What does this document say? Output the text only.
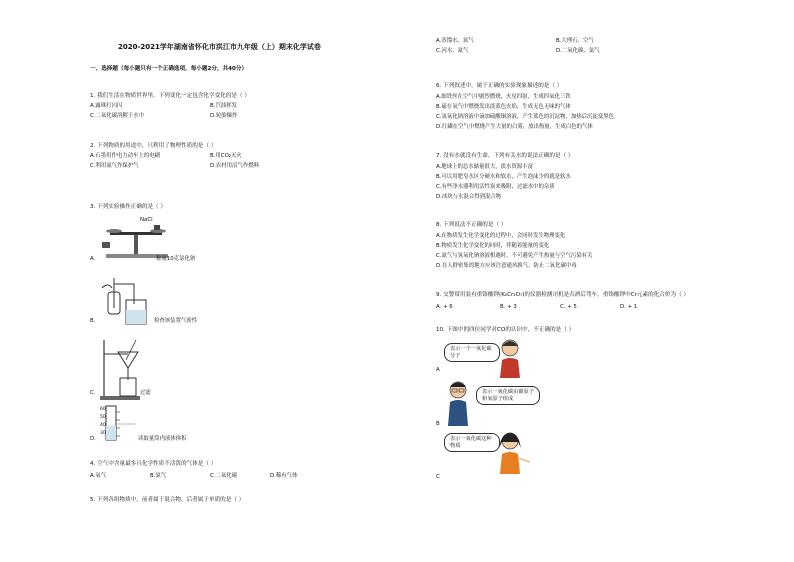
2020-2021学年湖南省怀化市洪江市九年级（上）期末化学试卷
一、选择题（每小题只有一个正确选项，每小题2分，共40分）
1. 我们生活在物质世界里，下列变化一定包含化学变化的是（ ）
A.露珠打闪闪	B.汽油挥发
C.二氧化碳溶解于水中	D.轮胎爆炸
2. 下列物质的用途中，只利用了物理性质的是（ ）
A.石墨用作电力动车上的电刷	B.用CO₂灭火
C.利用氮气作保护气	D.农村用沼气作燃料
3. 下列实验操作正确的是（ ）
NaCl
A.	称量10克氯化钠
B.	检查该装置气密性
C.	过滤
60
50
40
30
D.	读取量筒内液体体积
4. 空气中含量最多且化学性质不活泼的气体是（ ）
A.氧气	B.氮气	C.二氧化碳	D.稀有气体
5. 下列各组物质中，前者属于混合物，后者属于单质的是（ ）
A.蒸馏水、氮气	B.大理石、空气
C.河水、氦气	D.二氧化碳、氯气
6. 下列叙述中，属于正确的实验现象描述的是（ ）
A.细铁丝在空气中剧烈燃烧，火星四射，生成四氧化三铁
B.硫在氧气中燃烧发出淡蓝色火焰，生成无色无味的气体
C.氢氧化钠溶液中滴加硫酸铜溶液，产生蓝色的沉淀物，加热后沉淀变黑色
D.红磷在空气中燃烧产生大量的白雾，放出热量，生成白色的气体
7. 没有水就没有生命，下列有关水的说法正确的是（ ）
A.地球上的总水储量很大，淡水资源丰富
B.可以用肥皂水区分硬水和软水，产生泡沫少的就是软水
C.有些净水器利用活性炭来吸附，过滤水中的杂质
D.冰块与水混合得到混合物
8. 下列说法不正确的是（ ）
A.在物质发生化学变化的过程中，会同时发生物理变化
B.物质发生化学变化的同时，伴随着能量的变化
C.氮气与氢氧化钠溶液相遇时，不可避免产生热量与空气污染有关
D.在人群密集的地方应该注意通风换气，防止二氧化碳中毒
9. 交警常用装有重铬酸钾(K₂Cr₂O₇)的仪器检测司机是否酒后驾车，重铬酸钾中Cr元素的化合价为（ ）
A. + 6	B. + 3	C. + 5	D. + 1
10. 下图中的四位同学对CO的认识中，不正确的是（ ）
表示一个一氧化碳分子
A
表示一氧化碳由碳原子和氧原子组成
B
表示一氧化碳这种物质
C
